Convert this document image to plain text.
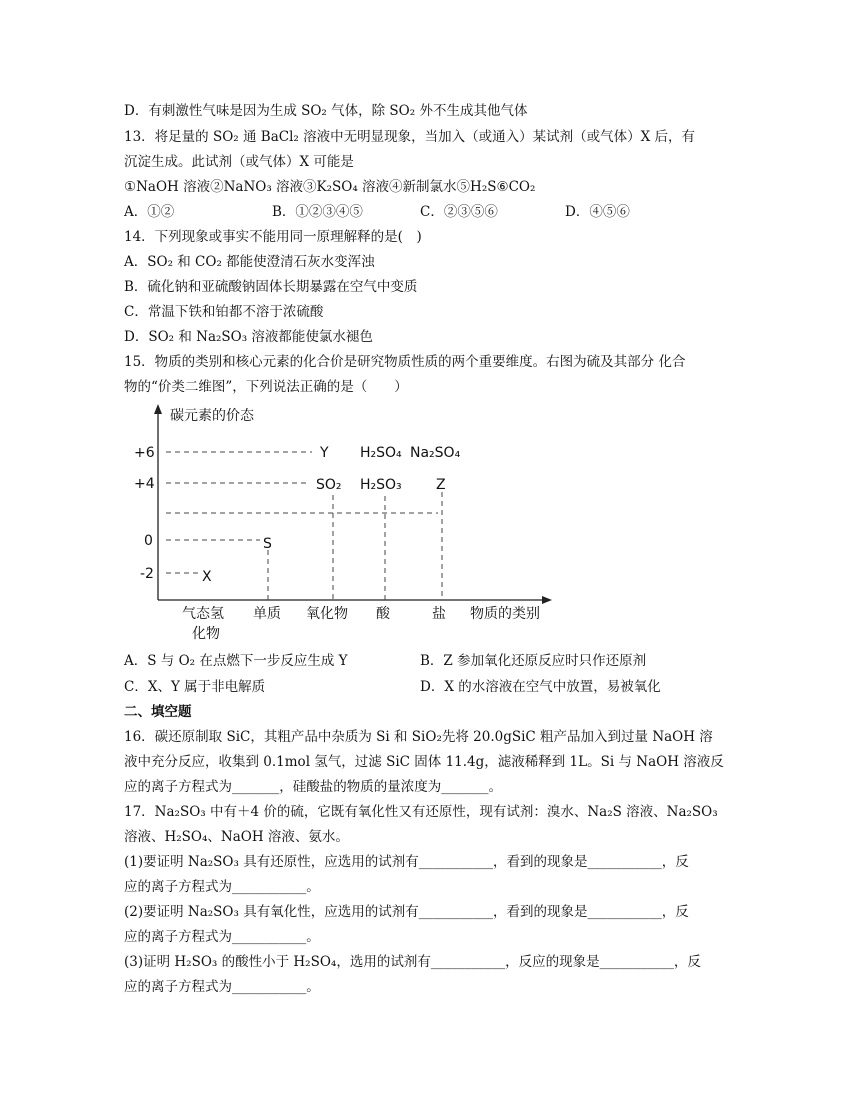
D．有刺激性气味是因为生成 SO₂ 气体，除 SO₂ 外不生成其他气体
13．将足量的 SO₂ 通 BaCl₂ 溶液中无明显现象，当加入（或通入）某试剂（或气体）X 后，有
沉淀生成。此试剂（或气体）X 可能是
①NaOH 溶液②NaNO₃ 溶液③K₂SO₄ 溶液④新制氯水⑤H₂S⑥CO₂
A．①②	B．①②③④⑤	C．②③⑤⑥	D．④⑤⑥
14．下列现象或事实不能用同一原理解释的是(　)
A．SO₂ 和 CO₂ 都能使澄清石灰水变浑浊
B．硫化钠和亚硫酸钠固体长期暴露在空气中变质
C．常温下铁和铂都不溶于浓硫酸
D．SO₂ 和 Na₂SO₃ 溶液都能使氯水褪色
15．物质的类别和核心元素的化合价是研究物质性质的两个重要维度。右图为硫及其部分 化合
物的“价类二维图”，下列说法正确的是（　　）
碳元素的价态
+6
+4
0
-2
Y H₂SO₄ Na₂SO₄
SO₂ H₂SO₃ Z
S
X
气态氢
化物
单质 氧化物 酸	盐 物质的类别
A．S 与 O₂ 在点燃下一步反应生成 Y	B．Z 参加氧化还原反应时只作还原剂
C．X、Y 属于非电解质	D．X 的水溶液在空气中放置，易被氧化
二、填空题
16．碳还原制取 SiC，其粗产品中杂质为 Si 和 SiO₂先将 20.0gSiC 粗产品加入到过量 NaOH 溶
液中充分反应，收集到 0.1mol 氢气，过滤 SiC 固体 11.4g，滤液稀释到 1L。Si 与 NaOH 溶液反
应的离子方程式为_______，硅酸盐的物质的量浓度为_______。
17．Na₂SO₃ 中有＋4 价的硫，它既有氧化性又有还原性，现有试剂：溴水、Na₂S 溶液、Na₂SO₃
溶液、H₂SO₄、NaOH 溶液、氨水。
(1)要证明 Na₂SO₃ 具有还原性，应选用的试剂有___________，看到的现象是___________，反
应的离子方程式为___________。
(2)要证明 Na₂SO₃ 具有氧化性，应选用的试剂有___________，看到的现象是___________，反
应的离子方程式为___________。
(3)证明 H₂SO₃ 的酸性小于 H₂SO₄，选用的试剂有___________，反应的现象是___________，反
应的离子方程式为___________。
